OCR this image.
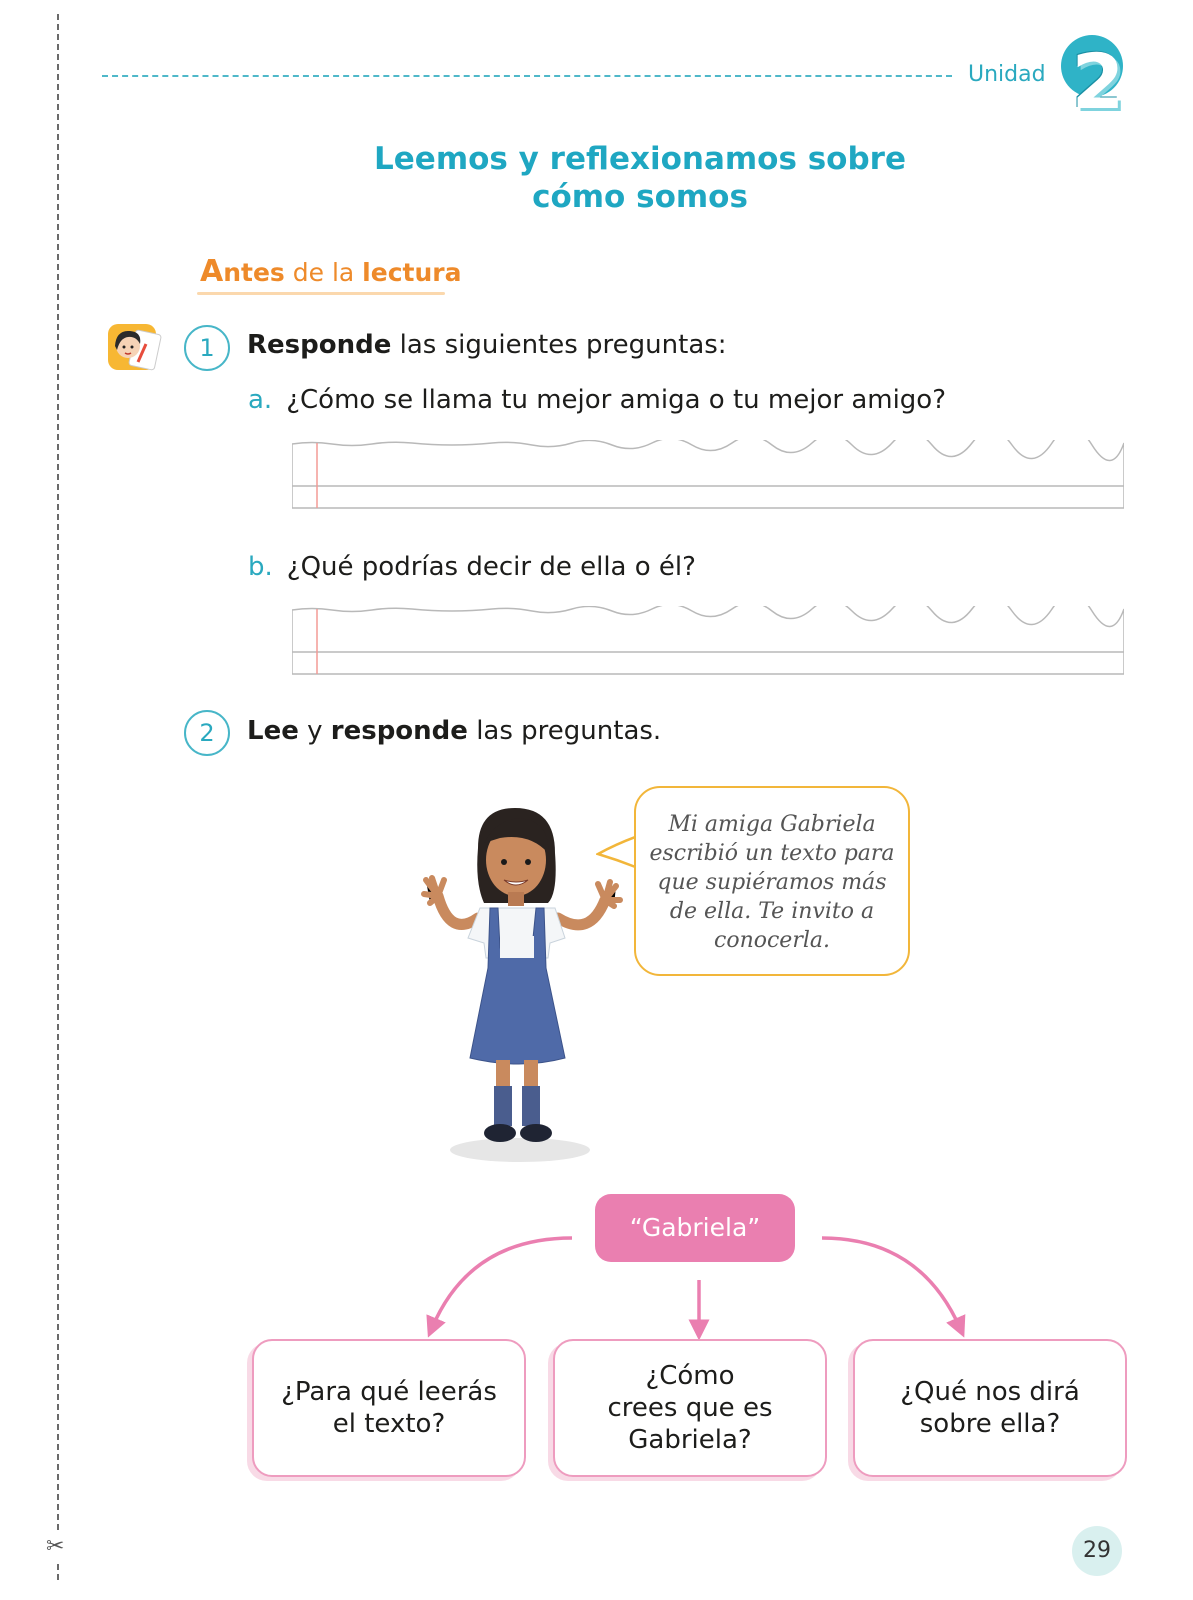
✂
Unidad 2
Leemos y reflexionamos sobre
cómo somos
Antes de la lectura
1	Responde las siguientes preguntas:
a. ¿Cómo se llama tu mejor amiga o tu mejor amigo?
b. ¿Qué podrías decir de ella o él?
2	Lee y responde las preguntas.
Mi amiga Gabriela
escribió un texto para
que supiéramos más
de ella. Te invito a
conocerla.
“Gabriela”
¿Para qué leerás
el texto?
¿Cómo
crees que es
Gabriela?
¿Qué nos dirá
sobre ella?
29
